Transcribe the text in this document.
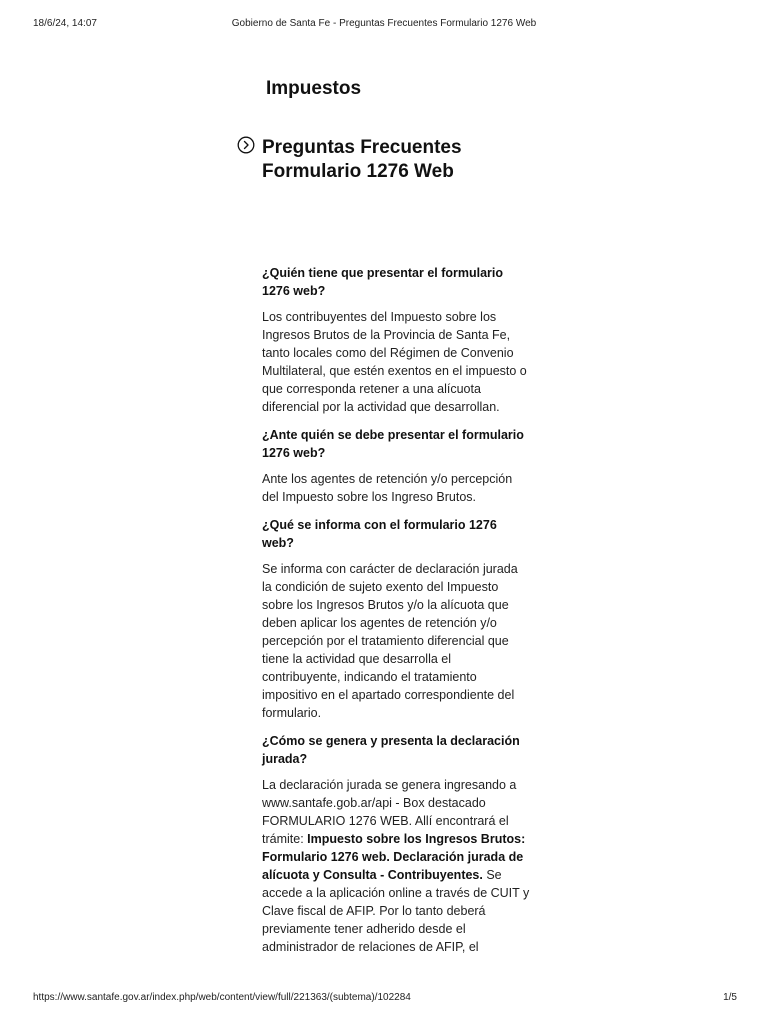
18/6/24, 14:07	Gobierno de Santa Fe - Preguntas Frecuentes Formulario 1276 Web
Impuestos
Preguntas Frecuentes
Formulario 1276 Web

¿Quién tiene que presentar el formulario 1276 web?

Los contribuyentes del Impuesto sobre los Ingresos Brutos de la Provincia de Santa Fe, tanto locales como del Régimen de Convenio Multilateral, que estén exentos en el impuesto o que corresponda retener a una alícuota diferencial por la actividad que desarrollan.

¿Ante quién se debe presentar el formulario 1276 web?

Ante los agentes de retención y/o percepción del Impuesto sobre los Ingreso Brutos.

¿Qué se informa con el formulario 1276 web?

Se informa con carácter de declaración jurada la condición de sujeto exento del Impuesto sobre los Ingresos Brutos y/o la alícuota que deben aplicar los agentes de retención y/o percepción por el tratamiento diferencial que tiene la actividad que desarrolla el contribuyente, indicando el tratamiento impositivo en el apartado correspondiente del formulario.

¿Cómo se genera y presenta la declaración jurada?

La declaración jurada se genera ingresando a www.santafe.gob.ar/api - Box destacado FORMULARIO 1276 WEB. Allí encontrará el trámite: Impuesto sobre los Ingresos Brutos: Formulario 1276 web. Declaración jurada de alícuota y Consulta - Contribuyentes. Se accede a la aplicación online a través de CUIT y Clave fiscal de AFIP. Por lo tanto deberá previamente tener adherido desde el administrador de relaciones de AFIP, el

https://www.santafe.gov.ar/index.php/web/content/view/full/221363/(subtema)/102284	1/5
